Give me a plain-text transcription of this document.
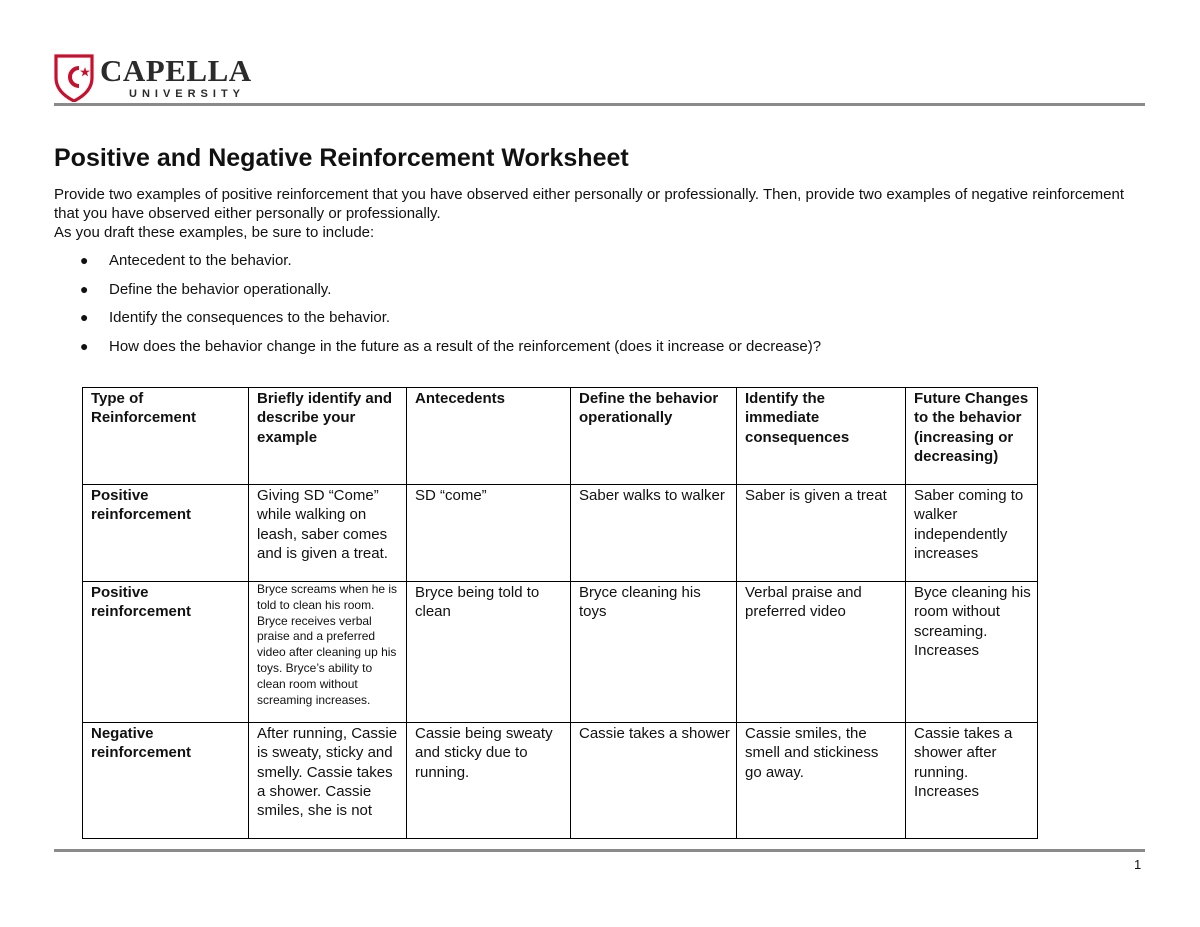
CAPELLA
UNIVERSITY
Positive and Negative Reinforcement Worksheet

Provide two examples of positive reinforcement that you have observed either personally or professionally. Then, provide two examples of negative reinforcement that you have observed either personally or professionally.

As you draft these examples, be sure to include:

● Antecedent to the behavior.
● Define the behavior operationally.
● Identify the consequences to the behavior.
● How does the behavior change in the future as a result of the reinforcement (does it increase or decrease)?
Type of Reinforcement	Briefly identify and describe your example	Antecedents	Define the behavior operationally	Identify the immediate consequences	Future Changes to the behavior (increasing or decreasing)

Positive reinforcement	Giving SD “Come” while walking on leash, saber comes and is given a treat.	SD “come”	Saber walks to walker	Saber is given a treat	Saber coming to walker independently increases

Positive reinforcement	Bryce screams when he is told to clean his room. Bryce receives verbal praise and a preferred video after cleaning up his toys. Bryce’s ability to clean room without screaming increases.	Bryce being told to clean	Bryce cleaning his toys	Verbal praise and preferred video	Byce cleaning his room without screaming. Increases

Negative reinforcement	After running, Cassie is sweaty, sticky and smelly. Cassie takes a shower. Cassie smiles, she is not	Cassie being sweaty and sticky due to running.	Cassie takes a shower	Cassie smiles, the smell and stickiness go away.	Cassie takes a shower after running. Increases
1
